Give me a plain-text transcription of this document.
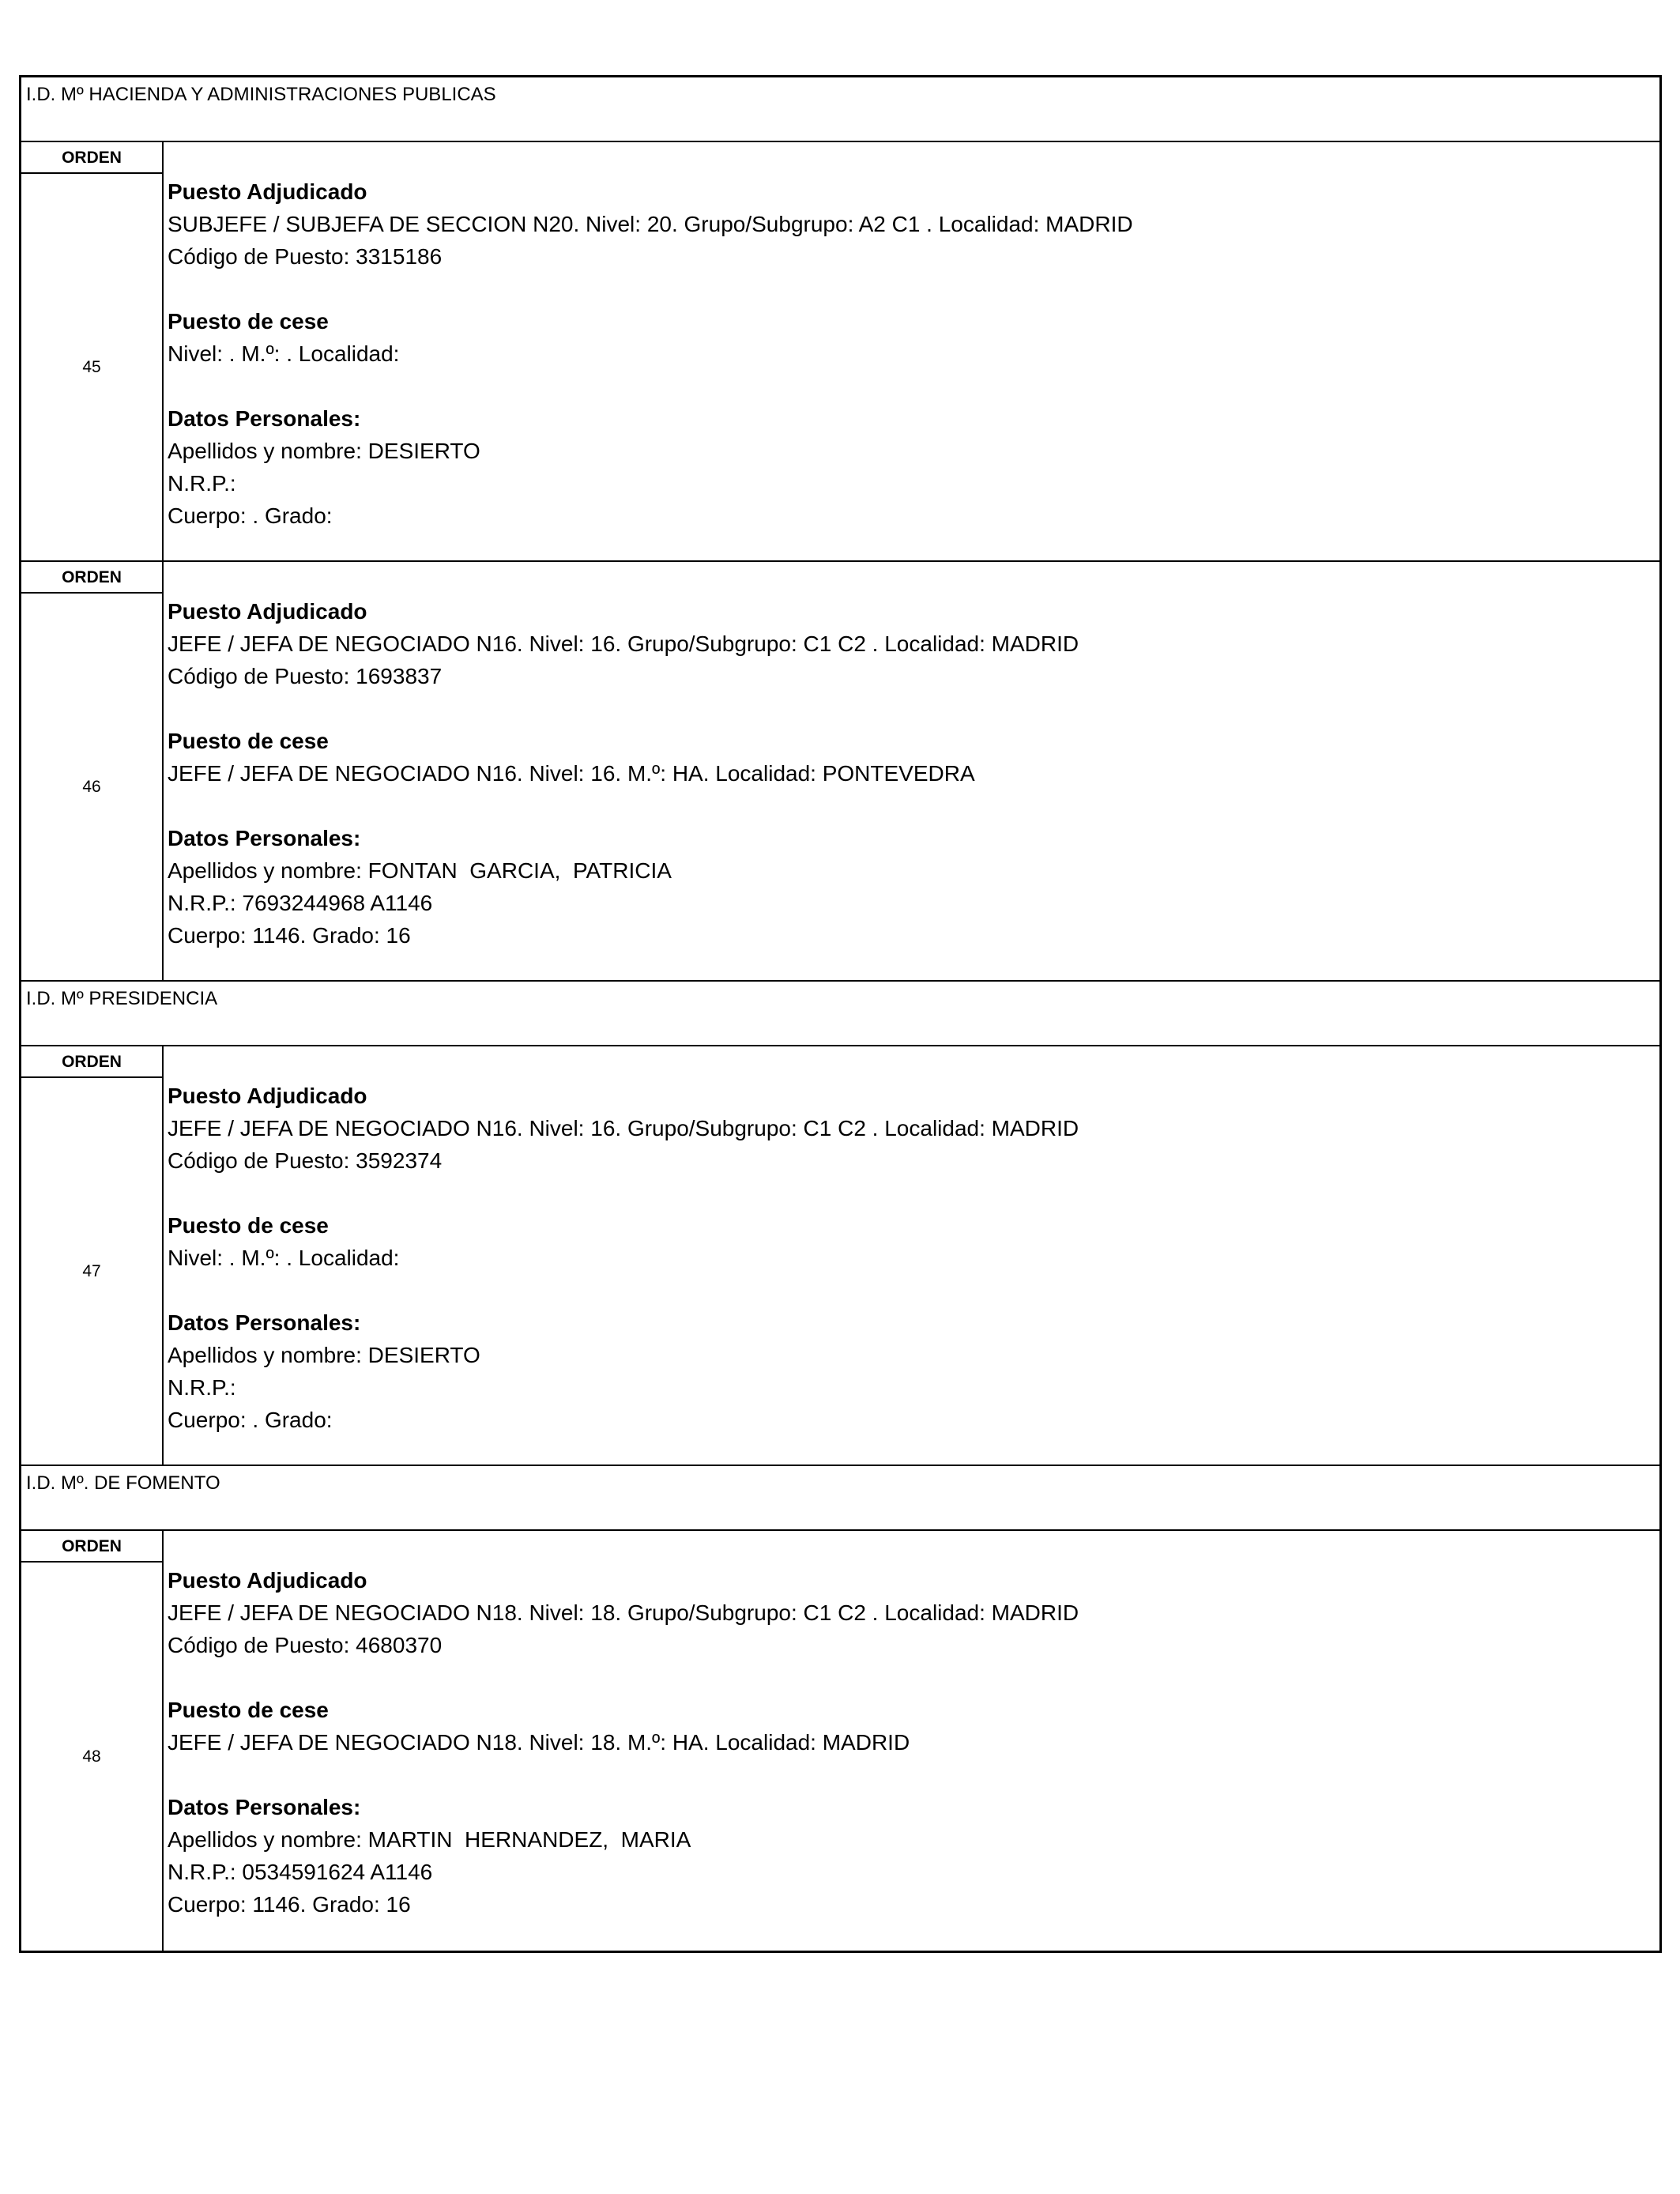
I.D. Mº HACIENDA Y ADMINISTRACIONES PUBLICAS
ORDEN
45
Puesto Adjudicado
SUBJEFE / SUBJEFA DE SECCION N20. Nivel: 20. Grupo/Subgrupo: A2 C1 . Localidad: MADRID
Código de Puesto: 3315186
Puesto de cese
Nivel: . M.º: . Localidad:
Datos Personales:
Apellidos y nombre: DESIERTO
N.R.P.:
Cuerpo: . Grado:
ORDEN
46
Puesto Adjudicado
JEFE / JEFA DE NEGOCIADO N16. Nivel: 16. Grupo/Subgrupo: C1 C2 . Localidad: MADRID
Código de Puesto: 1693837
Puesto de cese
JEFE / JEFA DE NEGOCIADO N16. Nivel: 16. M.º: HA. Localidad: PONTEVEDRA
Datos Personales:
Apellidos y nombre: FONTAN  GARCIA,  PATRICIA
N.R.P.: 7693244968 A1146
Cuerpo: 1146. Grado: 16
I.D. Mº PRESIDENCIA
ORDEN
47
Puesto Adjudicado
JEFE / JEFA DE NEGOCIADO N16. Nivel: 16. Grupo/Subgrupo: C1 C2 . Localidad: MADRID
Código de Puesto: 3592374
Puesto de cese
Nivel: . M.º: . Localidad:
Datos Personales:
Apellidos y nombre: DESIERTO
N.R.P.:
Cuerpo: . Grado:
I.D. Mº. DE FOMENTO
ORDEN
48
Puesto Adjudicado
JEFE / JEFA DE NEGOCIADO N18. Nivel: 18. Grupo/Subgrupo: C1 C2 . Localidad: MADRID
Código de Puesto: 4680370
Puesto de cese
JEFE / JEFA DE NEGOCIADO N18. Nivel: 18. M.º: HA. Localidad: MADRID
Datos Personales:
Apellidos y nombre: MARTIN  HERNANDEZ,  MARIA
N.R.P.: 0534591624 A1146
Cuerpo: 1146. Grado: 16
